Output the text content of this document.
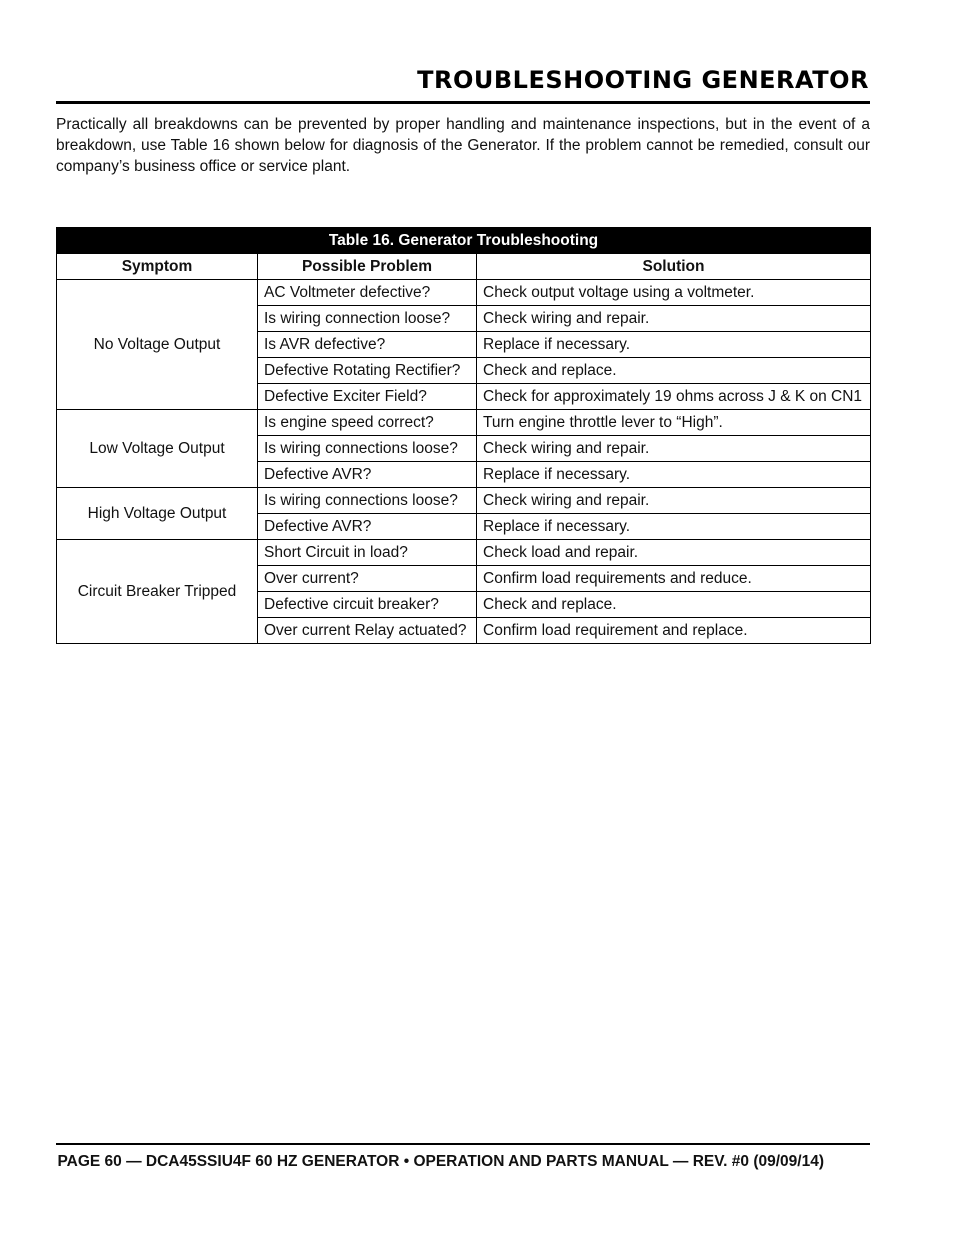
TROUBLESHOOTING GENERATOR

Practically all breakdowns can be prevented by proper handling and maintenance inspections, but in the event of a breakdown, use Table 16 shown below for diagnosis of the Generator. If the problem cannot be remedied, consult our company’s business office or service plant.

Table 16. Generator Troubleshooting		
Symptom	Possible Problem	Solution
No Voltage Output	AC Voltmeter defective?	Check output voltage using a voltmeter.
	Is wiring connection loose?	Check wiring and repair.
	Is AVR defective?	Replace if necessary.
	Defective Rotating Rectifier?	Check and replace.
	Defective Exciter Field?	Check for approximately 19 ohms across J & K on CN1
Low Voltage Output	Is engine speed correct?	Turn engine throttle lever to “High”.
	Is wiring connections loose?	Check wiring and repair.
	Defective AVR?	Replace if necessary.
High Voltage Output	Is wiring connections loose?	Check wiring and repair.
	Defective AVR?	Replace if necessary.
Circuit Breaker Tripped	Short Circuit in load?	Check load and repair.
	Over current?	Confirm load requirements and reduce.
	Defective circuit breaker?	Check and replace.
	Over current Relay actuated?	Confirm load requirement and replace.
PAGE 60 — DCA45SSIU4F 60 HZ GENERATOR • OPERATION AND PARTS MANUAL — REV. #0 (09/09/14)
